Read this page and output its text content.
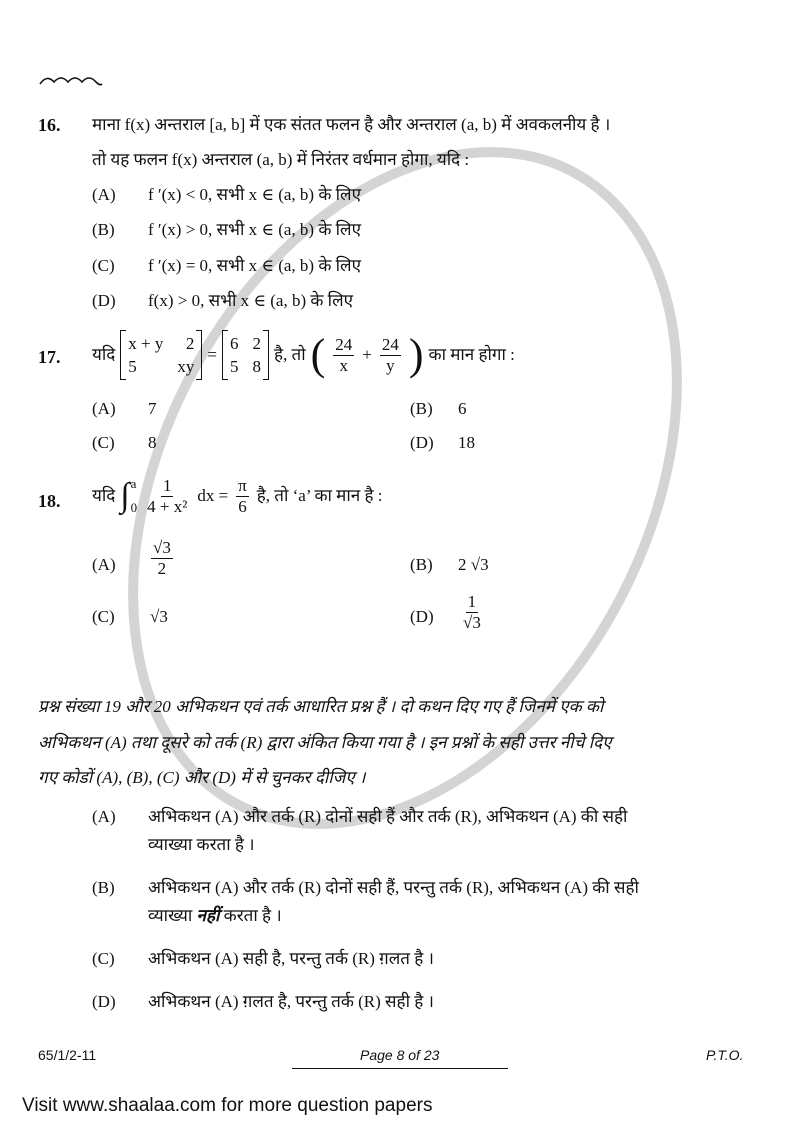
16. माना f(x) अन्तराल [a, b] में एक संतत फलन है और अन्तराल (a, b) में अवकलनीय है ।
तो यह फलन f(x) अन्तराल (a, b) में निरंतर वर्धमान होगा, यदि :
(A) f ′(x) < 0, सभी x ∈ (a, b) के लिए
(B) f ′(x) > 0, सभी x ∈ (a, b) के लिए
(C) f ′(x) = 0, सभी x ∈ (a, b) के लिए
(D) f(x) > 0, सभी x ∈ (a, b) के लिए
17. यदि
x + y	2
5	xy
=
6 2
5 8
है, तो ( $\frac{24}{x} + \frac{24}{y}$ ) का मान होगा :
(A) 7	(B) 6
(C) 8	(D) 18
18. यदि ∫ a
$0 \frac{1}{\text{4 + x²}}$ dx = $\frac{\pi}{6}$ है, तो ‘a’ का मान है :
$(A) \frac{√3}{2}$	(B) 2 √3
(C) √3	$(D) \frac{1}{√3}$
प्रश्न संख्या 19 और 20 अभिकथन एवं तर्क आधारित प्रश्न हैं । दो कथन दिए गए हैं जिनमें एक को
अभिकथन (A) तथा दूसरे को तर्क (R) द्वारा अंकित किया गया है । इन प्रश्नों के सही उत्तर नीचे दिए
गए कोडों (A), (B), (C) और (D) में से चुनकर दीजिए ।
(A) अभिकथन (A) और तर्क (R) दोनों सही हैं और तर्क (R), अभिकथन (A) की सही
व्याख्या करता है ।
(B) अभिकथन (A) और तर्क (R) दोनों सही हैं, परन्तु तर्क (R), अभिकथन (A) की सही
व्याख्या नहीं करता है ।
(C) अभिकथन (A) सही है, परन्तु तर्क (R) ग़लत है ।
(D) अभिकथन (A) ग़लत है, परन्तु तर्क (R) सही है ।
65/1/2-11	Page 8 of 23	P.T.O.
Visit www.shaalaa.com for more question papers
